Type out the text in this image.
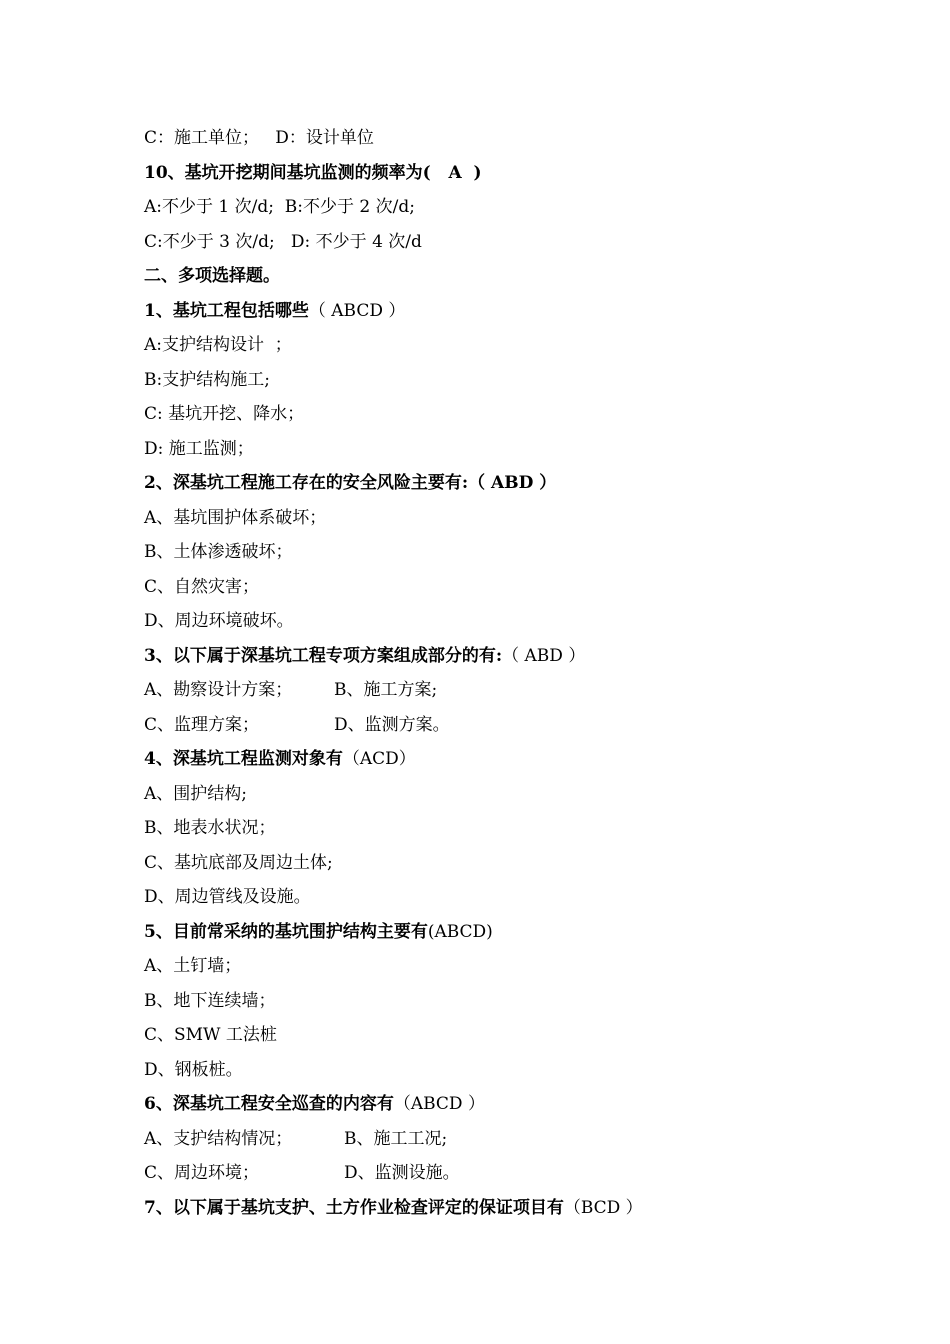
C：施工单位；   D：设计单位
10、基坑开挖期间基坑监测的频率为(   A  )
A:不少于 1 次/d;  B:不少于 2 次/d;
C:不少于 3 次/d;   D: 不少于 4 次/d
二、多项选择题。
1、基坑工程包括哪些（ ABCD ）
A:支护结构设计  ；
B:支护结构施工;
C: 基坑开挖、降水；
D: 施工监测；
2、深基坑工程施工存在的安全风险主要有:（ ABD ）
A、基坑围护体系破坏；
B、土体渗透破坏；
C、自然灾害；
D、周边环境破坏。
3、以下属于深基坑工程专项方案组成部分的有:（ ABD ）
A、勘察设计方案； B、施工方案;
C、监理方案；	D、监测方案。
4、深基坑工程监测对象有（ACD）
A、围护结构;
B、地表水状况；
C、基坑底部及周边土体;
D、周边管线及设施。
5、目前常采纳的基坑围护结构主要有(ABCD)
A、土钉墙；
B、地下连续墙；
C、SMW 工法桩
D、钢板桩。
6、深基坑工程安全巡查的内容有（ABCD ）
A、支护结构情况；	B、施工工况;
C、周边环境；	D、监测设施。
7、以下属于基坑支护、土方作业检查评定的保证项目有（BCD ）
